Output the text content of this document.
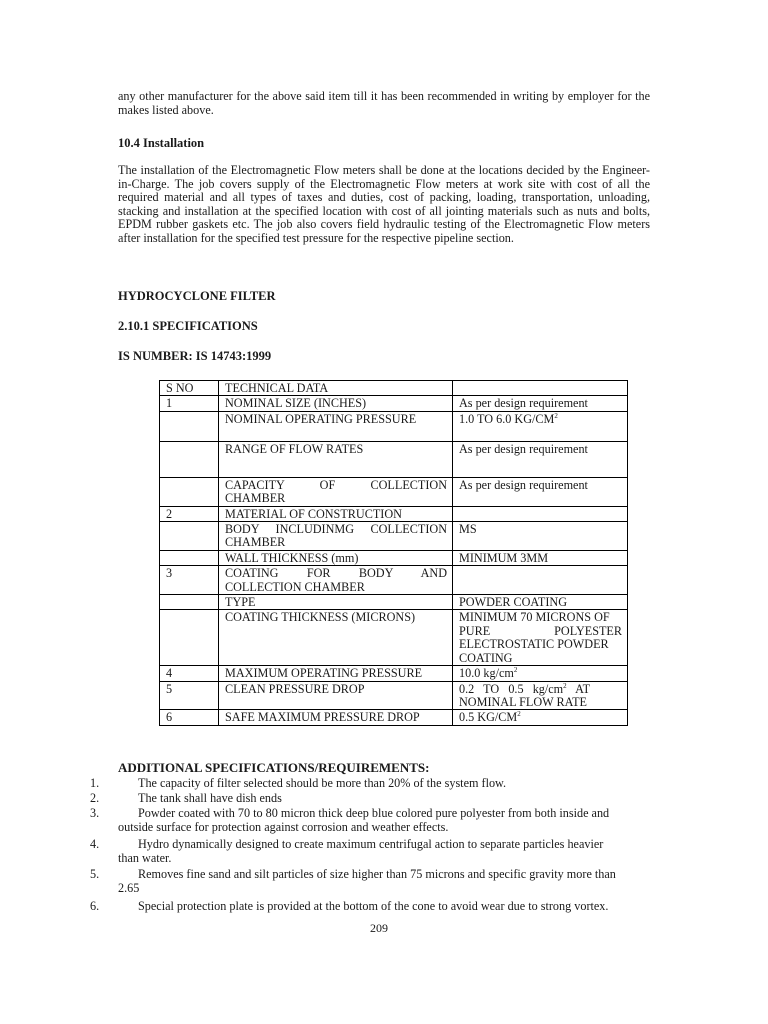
any other manufacturer for the above said item till it has been recommended in writing by employer for the makes listed above.
10.4 Installation
The installation of the Electromagnetic Flow meters shall be done at the locations decided by the Engineer-in-Charge. The job covers supply of the Electromagnetic Flow meters at work site with cost of all the required material and all types of taxes and duties, cost of packing, loading, transportation, unloading, stacking and installation at the specified location with cost of all jointing materials such as nuts and bolts, EPDM rubber gaskets etc. The job also covers field hydraulic testing of the Electromagnetic Flow meters after installation for the specified test pressure for the respective pipeline section.
HYDROCYCLONE FILTER
2.10.1 SPECIFICATIONS
IS NUMBER: IS 14743:1999
S NO	TECHNICAL DATA	
1	NOMINAL SIZE (INCHES)	As per design requirement
	NOMINAL OPERATING PRESSURE	1.0 TO 6.0 $KG/CM^2$
	RANGE OF FLOW RATES	As per design requirement

	CAPACITY OF COLLECTION
CHAMBER	As per design requirement
2	MATERIAL OF CONSTRUCTION	

	BODY INCLUDINMG COLLECTION
CHAMBER	MS
	WALL THICKNESS (mm)	MINIMUM 3MM
3	COATING FOR BODY AND
COLLECTION CHAMBER	

	TYPE	POWDER COATING
	COATING THICKNESS (MICRONS)	MINIMUM 70 MICRONS OF
PURE POLYESTER
ELECTROSTATIC POWDER
COATING

4	MAXIMUM OPERATING PRESSURE	10.0 $kg/cm^2$
5	CLEAN PRESSURE DROP	0.2   TO   0.5   $kg/cm^2$   AT
NOMINAL FLOW RATE

6	SAFE MAXIMUM PRESSURE DROP	0.5 $KG/CM^2$
ADDITIONAL SPECIFICATIONS/REQUIREMENTS:
1.	The capacity of filter selected should be more than 20% of the system flow.
2.	The tank shall have dish ends
3.	Powder coated with 70 to 80 micron thick deep blue colored pure polyester from both inside and
outside surface for protection against corrosion and weather effects.
4.	Hydro dynamically designed to create maximum centrifugal action to separate particles heavier
than water.
5.	Removes fine sand and silt particles of size higher than 75 microns and specific gravity more than
2.65
6.	Special protection plate is provided at the bottom of the cone to avoid wear due to strong vortex.
209
